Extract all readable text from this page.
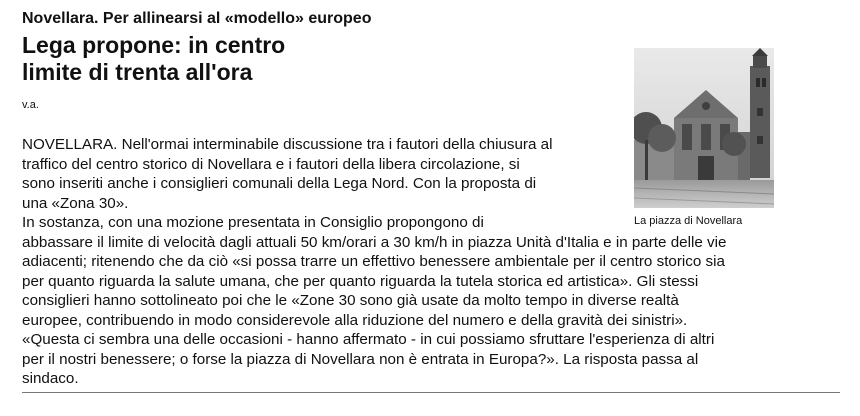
Novellara. Per allinearsi al «modello» europeo
Lega propone: in centro
limite di trenta all'ora
v.a.
NOVELLARA. Nell'ormai interminabile discussione tra i fautori della chiusura al
traffico del centro storico di Novellara e i fautori della libera circolazione, si
sono inseriti anche i consiglieri comunali della Lega Nord. Con la proposta di
una «Zona 30».
In sostanza, con una mozione presentata in Consiglio propongono di
abbassare il limite di velocità dagli attuali 50 km/orari a 30 km/h in piazza Unità d'Italia e in parte delle vie
adiacenti; ritenendo che da ciò «si possa trarre un effettivo benessere ambientale per il centro storico sia
per quanto riguarda la salute umana, che per quanto riguarda la tutela storica ed artistica». Gli stessi
consiglieri hanno sottolineato poi che le «Zone 30 sono già usate da molto tempo in diverse realtà
europee, contribuendo in modo considerevole alla riduzione del numero e della gravità dei sinistri».
«Questa ci sembra una delle occasioni - hanno affermato - in cui possiamo sfruttare l'esperienza di altri
per il nostri benessere; o forse la piazza di Novellara non è entrata in Europa?». La risposta passa al
sindaco.
La piazza di Novellara
